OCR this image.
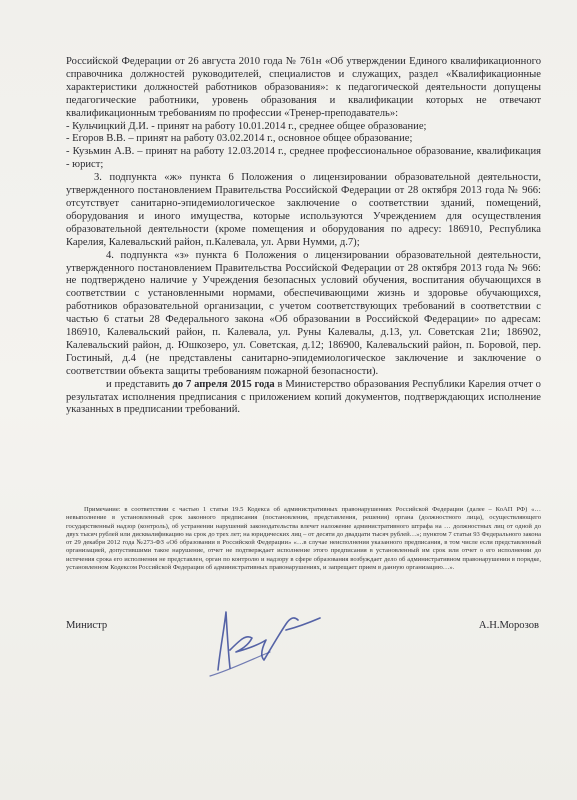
Российской Федерации от 26 августа 2010 года № 761н «Об утверждении Единого квалификационного справочника должностей руководителей, специалистов и служащих, раздел «Квалификационные характеристики должностей работников образования»: к педагогической деятельности допущены педагогические работники, уровень образования и квалификации которых не отвечают квалификационным требованиям по профессии «Тренер-преподаватель»:

- Кульчицкий Д.И. - принят на работу 10.01.2014 г., среднее общее образование;

- Егоров В.В. – принят на работу 03.02.2014 г., основное общее образование;

- Кузьмин А.В. – принят на работу 12.03.2014 г., среднее профессиональное образование, квалификация - юрист;

3. подпункта «ж» пункта 6 Положения о лицензировании образовательной деятельности, утвержденного постановлением Правительства Российской Федерации от 28 октября 2013 года № 966: отсутствует санитарно-эпидемиологическое заключение о соответствии зданий, помещений, оборудования и иного имущества, которые используются Учреждением для осуществления образовательной деятельности (кроме помещения и оборудования по адресу: 186910, Республика Карелия, Калевальский район, п.Калевала, ул. Арви Нумми, д.7);

4. подпункта «з» пункта 6 Положения о лицензировании образовательной деятельности, утвержденного постановлением Правительства Российской Федерации от 28 октября 2013 года № 966: не подтверждено наличие у Учреждения безопасных условий обучения, воспитания обучающихся в соответствии с установленными нормами, обеспечивающими жизнь и здоровье обучающихся, работников образовательной организации, с учетом соответствующих требований в соответствии с частью 6 статьи 28 Федерального закона «Об образовании в Российской Федерации» по адресам: 186910, Калевальский район, п. Калевала, ул. Руны Калевалы, д.13, ул. Советская 21и; 186902, Калевальский район, д. Юшкозеро, ул. Советская, д.12; 186900, Калевальский район, п. Боровой, пер. Гостиный, д.4 (не представлены санитарно-эпидемиологическое заключение и заключение о соответствии объекта защиты требованиям пожарной безопасности).

и представить до 7 апреля 2015 года в Министерство образования Республики Карелия отчет о результатах исполнения предписания с приложением копий документов, подтверждающих исполнение указанных в предписании требований.

Примечание: в соответствии с частью 1 статьи 19.5 Кодекса об административных правонарушениях Российской Федерации (далее – КоАП РФ) «…невыполнение в установленный срок законного предписания (постановления, представления, решения) органа (должностного лица), осуществляющего государственный надзор (контроль), об устранении нарушений законодательства влечет наложение административного штрафа на … должностных лиц от одной до двух тысяч рублей или дисквалификацию на срок до трех лет; на юридических лиц – от десяти до двадцати тысяч рублей…»; пунктом 7 статьи 93 Федерального закона от 29 декабря 2012 года №273-ФЗ «Об образовании в Российской Федерации» «…в случае неисполнения указанного предписания, в том числе если представленный организацией, допустившими такое нарушение, отчет не подтверждает исполнение этого предписания в установленный им срок или отчет о его исполнении до истечения срока его исполнения не представлен, орган по контролю и надзору в сфере образования возбуждает дело об административном правонарушении в порядке, установленном Кодексом Российской Федерации об административных правонарушениях, и запрещает прием в данную организацию…».

Министр	А.Н.Морозов
